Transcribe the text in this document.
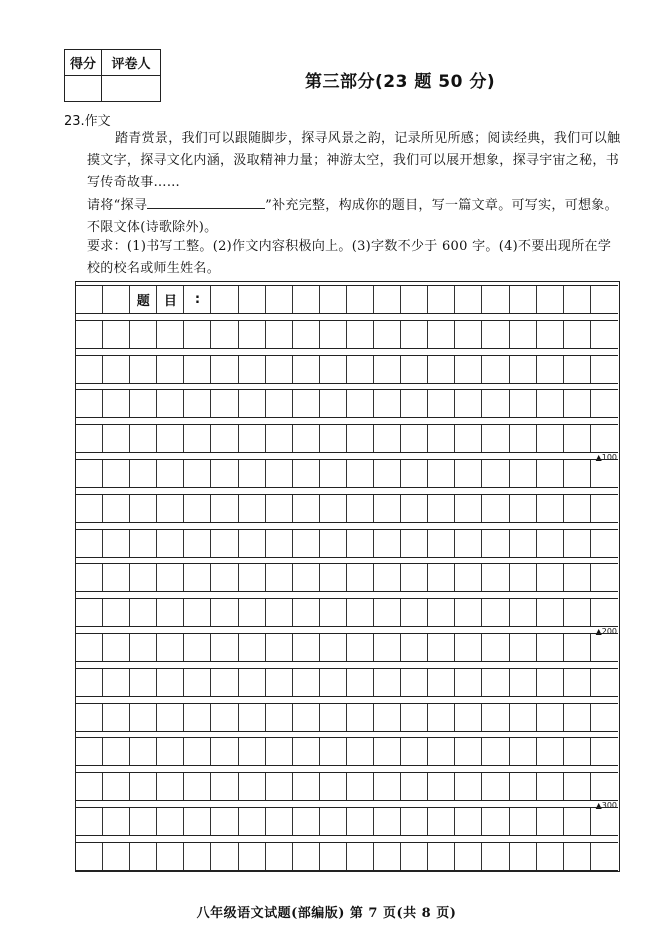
得分	评卷人

第三部分(23 题 50 分)
23.作文
踏青赏景，我们可以跟随脚步，探寻风景之韵，记录所见所感；阅读经典，我们可以触摸文字，探寻文化内涵，汲取精神力量；神游太空，我们可以展开想象，探寻宇宙之秘，书写传奇故事……
请将“探寻	”补充完整，构成你的题目，写一篇文章。可写实，可想象。不限文体(诗歌除外)。
要求：(1)书写工整。(2)作文内容积极向上。(3)字数不少于 600 字。(4)不要出现所在学校的校名或师生姓名。
题	目	:
▲100
▲200
▲300
八年级语文试题(部编版) 第 7 页(共 8 页)
